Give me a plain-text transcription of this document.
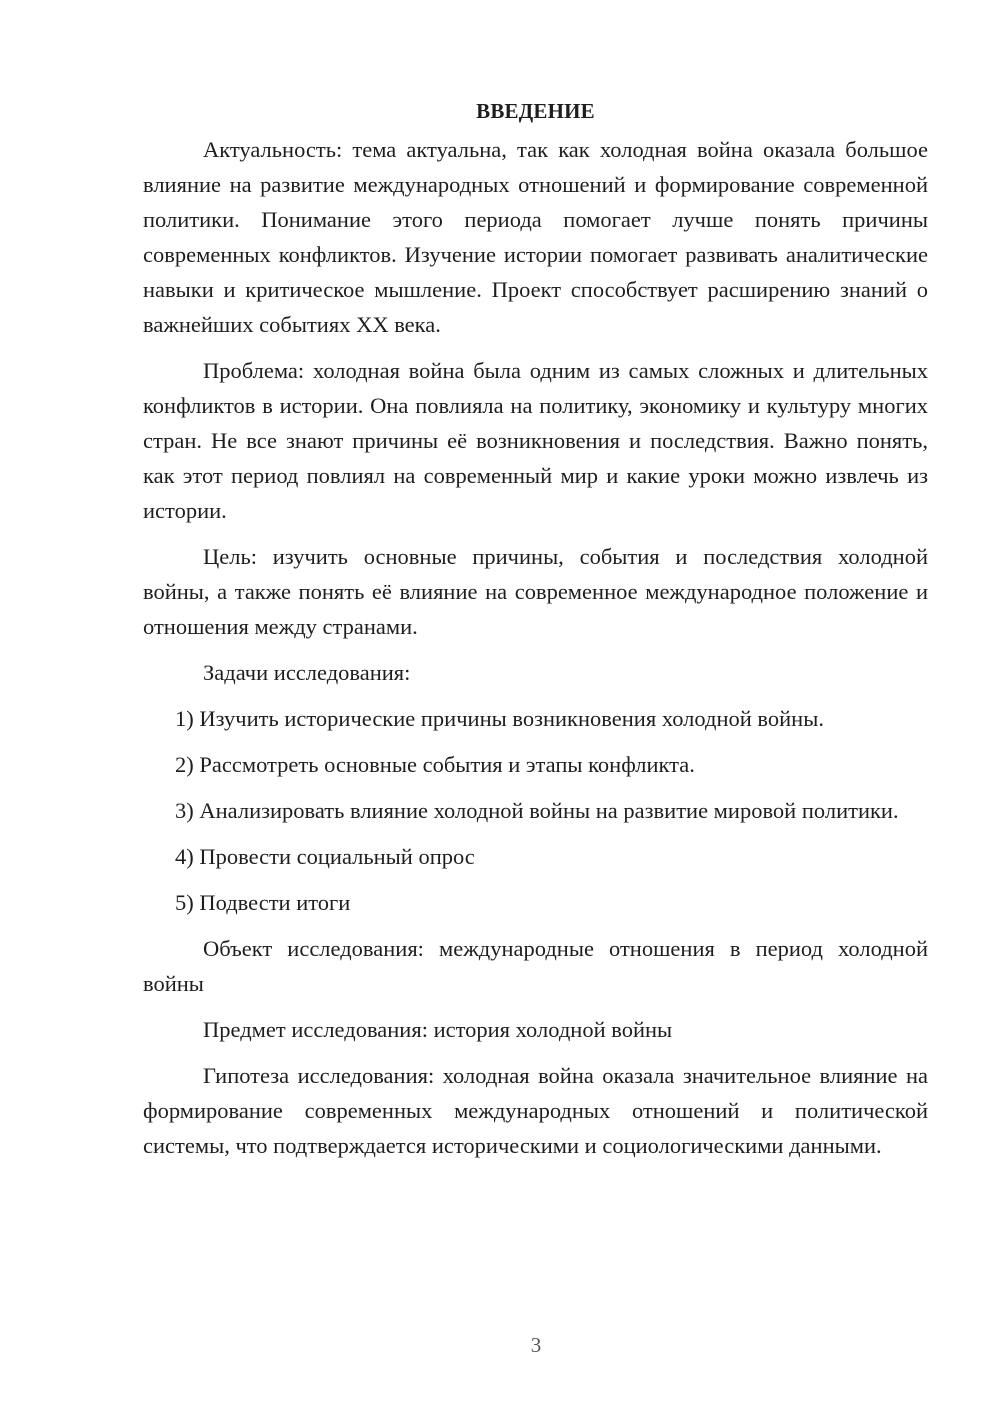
ВВЕДЕНИЕ

Актуальность: тема актуальна, так как холодная война оказала большое влияние на развитие международных отношений и формирование современной политики. Понимание этого периода помогает лучше понять причины современных конфликтов. Изучение истории помогает развивать аналитические навыки и критическое мышление. Проект способствует расширению знаний о важнейших событиях XX века.

Проблема: холодная война была одним из самых сложных и длительных конфликтов в истории. Она повлияла на политику, экономику и культуру многих стран. Не все знают причины её возникновения и последствия. Важно понять, как этот период повлиял на современный мир и какие уроки можно извлечь из истории.

Цель: изучить основные причины, события и последствия холодной войны, а также понять её влияние на современное международное положение и отношения между странами.

Задачи исследования:

1) Изучить исторические причины возникновения холодной войны.

2) Рассмотреть основные события и этапы конфликта.

3) Анализировать влияние холодной войны на развитие мировой политики.

4) Провести социальный опрос

5) Подвести итоги

Объект исследования: международные отношения в период холодной войны

Предмет исследования: история холодной войны

Гипотеза исследования: холодная война оказала значительное влияние на формирование современных международных отношений и политической системы, что подтверждается историческими и социологическими данными.

3
